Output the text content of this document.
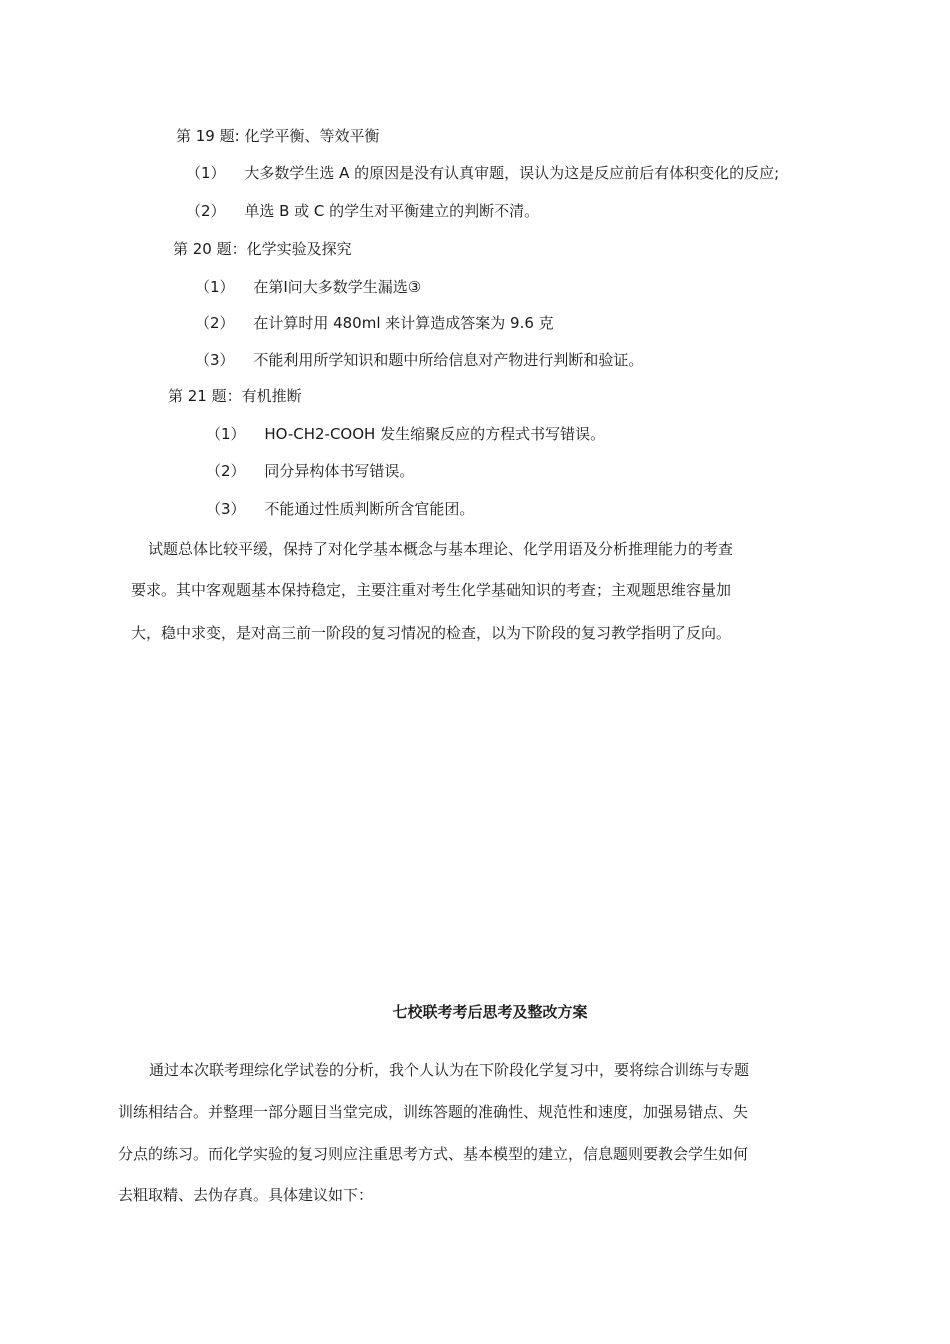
第 19 题: 化学平衡、等效平衡
（1） 大多数学生选 A 的原因是没有认真审题，误认为这是反应前后有体积变化的反应;
（2） 单选 B 或 C 的学生对平衡建立的判断不清。
第 20 题：化学实验及探究
（1） 在第Ⅰ问大多数学生漏选③
（2） 在计算时用 480ml 来计算造成答案为 9.6 克
（3） 不能利用所学知识和题中所给信息对产物进行判断和验证。
第 21 题：有机推断
（1） HO-CH2-COOH 发生缩聚反应的方程式书写错误。
（2） 同分异构体书写错误。
（3） 不能通过性质判断所含官能团。
试题总体比较平缓，保持了对化学基本概念与基本理论、化学用语及分析推理能力的考查
要求。其中客观题基本保持稳定，主要注重对考生化学基础知识的考查；主观题思维容量加
大，稳中求变，是对高三前一阶段的复习情况的检查，以为下阶段的复习教学指明了反向。
七校联考考后思考及整改方案
通过本次联考理综化学试卷的分析，我个人认为在下阶段化学复习中，要将综合训练与专题
训练相结合。并整理一部分题目当堂完成，训练答题的准确性、规范性和速度，加强易错点、失
分点的练习。而化学实验的复习则应注重思考方式、基本模型的建立，信息题则要教会学生如何
去粗取精、去伪存真。具体建议如下：
